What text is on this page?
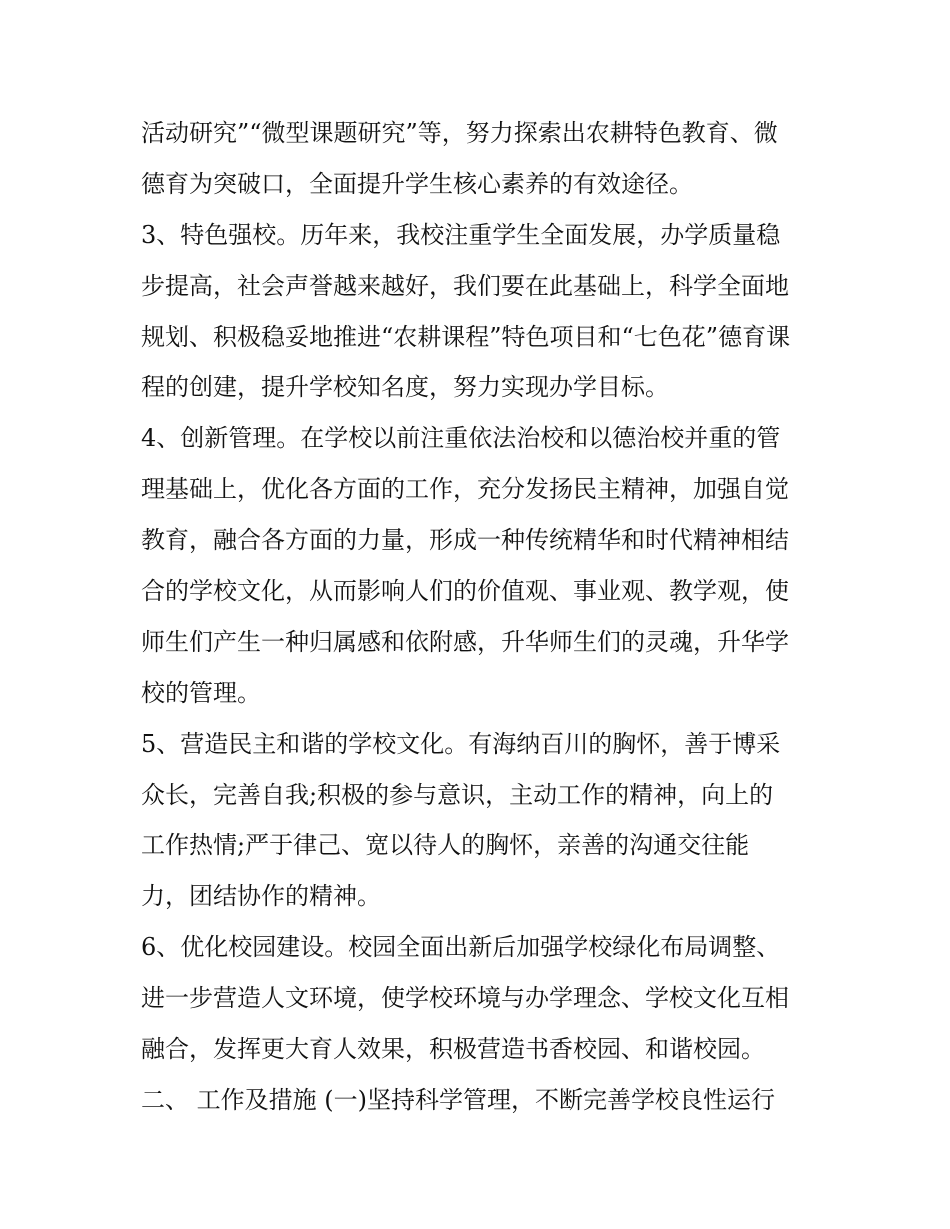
活动研究”“微型课题研究”等，努力探索出农耕特色教育、微
德育为突破口，全面提升学生核心素养的有效途径。
3、特色强校。历年来，我校注重学生全面发展，办学质量稳
步提高，社会声誉越来越好，我们要在此基础上，科学全面地
规划、积极稳妥地推进“农耕课程”特色项目和“七色花”德育课
程的创建，提升学校知名度，努力实现办学目标。
4、创新管理。在学校以前注重依法治校和以德治校并重的管
理基础上，优化各方面的工作，充分发扬民主精神，加强自觉
教育，融合各方面的力量，形成一种传统精华和时代精神相结
合的学校文化，从而影响人们的价值观、事业观、教学观，使
师生们产生一种归属感和依附感，升华师生们的灵魂，升华学
校的管理。
5、营造民主和谐的学校文化。有海纳百川的胸怀，善于博采
众长，完善自我;积极的参与意识，主动工作的精神，向上的
工作热情;严于律己、宽以待人的胸怀，亲善的沟通交往能
力，团结协作的精神。
6、优化校园建设。校园全面出新后加强学校绿化布局调整、
进一步营造人文环境，使学校环境与办学理念、学校文化互相
融合，发挥更大育人效果，积极营造书香校园、和谐校园。
二、 工作及措施 (一)坚持科学管理，不断完善学校良性运行
